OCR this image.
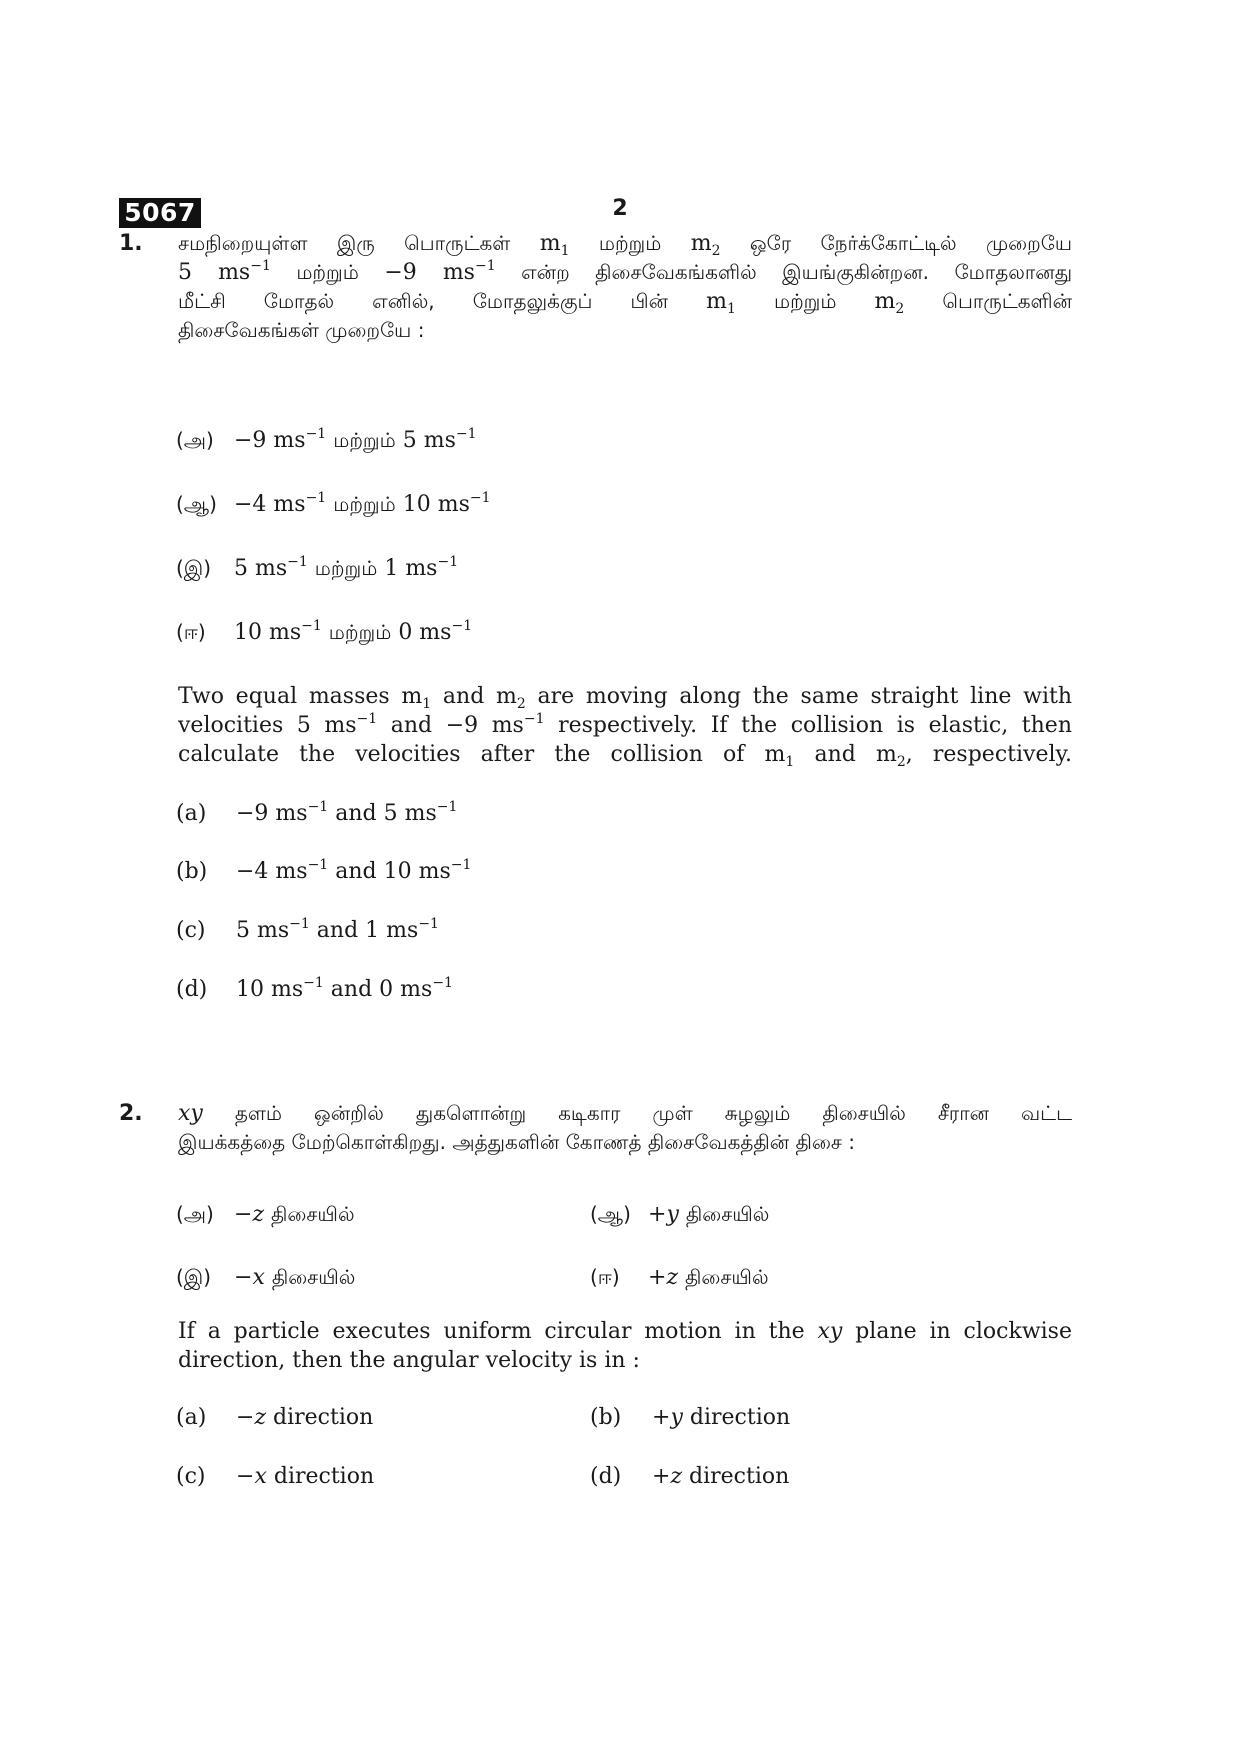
5067	2
1. சமநிறையுள்ள இரு பொருட்கள் $m_1$ மற்றும் $m_2$ ஒரே நேர்க்கோட்டில் முறையே
5 $ms^{-1}$ மற்றும் −9 $ms^{-1}$ என்ற திசைவேகங்களில் இயங்குகின்றன. மோதலானது
மீட்சி மோதல் எனில், மோதலுக்குப் பின் $m_1$ மற்றும் $m_2$ பொருட்களின்
திசைவேகங்கள் முறையே :
(அ) −9 $ms^{-1}$ மற்றும் 5 $ms^{-1}$
(ஆ) −4 $ms^{-1}$ மற்றும் 10 $ms^{-1}$
(இ) 5 $ms^{-1}$ மற்றும் 1 $ms^{-1}$
(ஈ) 10 $ms^{-1}$ மற்றும் 0 $ms^{-1}$
Two equal masses $m_1$ and $m_2$ are moving along the same straight line with
velocities 5 $ms^{-1}$ and −9 $ms^{-1}$ respectively. If the collision is elastic, then
calculate the velocities after the collision of $m_1$ and $m_2$, respectively.
(a) −9 $ms^{-1}$ and 5 $ms^{-1}$
(b) −4 $ms^{-1}$ and 10 $ms^{-1}$
(c) 5 $ms^{-1}$ and 1 $ms^{-1}$
(d) 10 $ms^{-1}$ and 0 $ms^{-1}$
2. xy தளம் ஒன்றில் துகளொன்று கடிகார முள் சுழலும் திசையில் சீரான வட்ட
இயக்கத்தை மேற்கொள்கிறது. அத்துகளின் கோணத் திசைவேகத்தின் திசை :
(அ) −z திசையில்	(ஆ) +y திசையில்
(இ) −x திசையில்	(ஈ) +z திசையில்
If a particle executes uniform circular motion in the xy plane in clockwise
direction, then the angular velocity is in :
(a) −z direction	(b) +y direction
(c) −x direction	(d) +z direction
